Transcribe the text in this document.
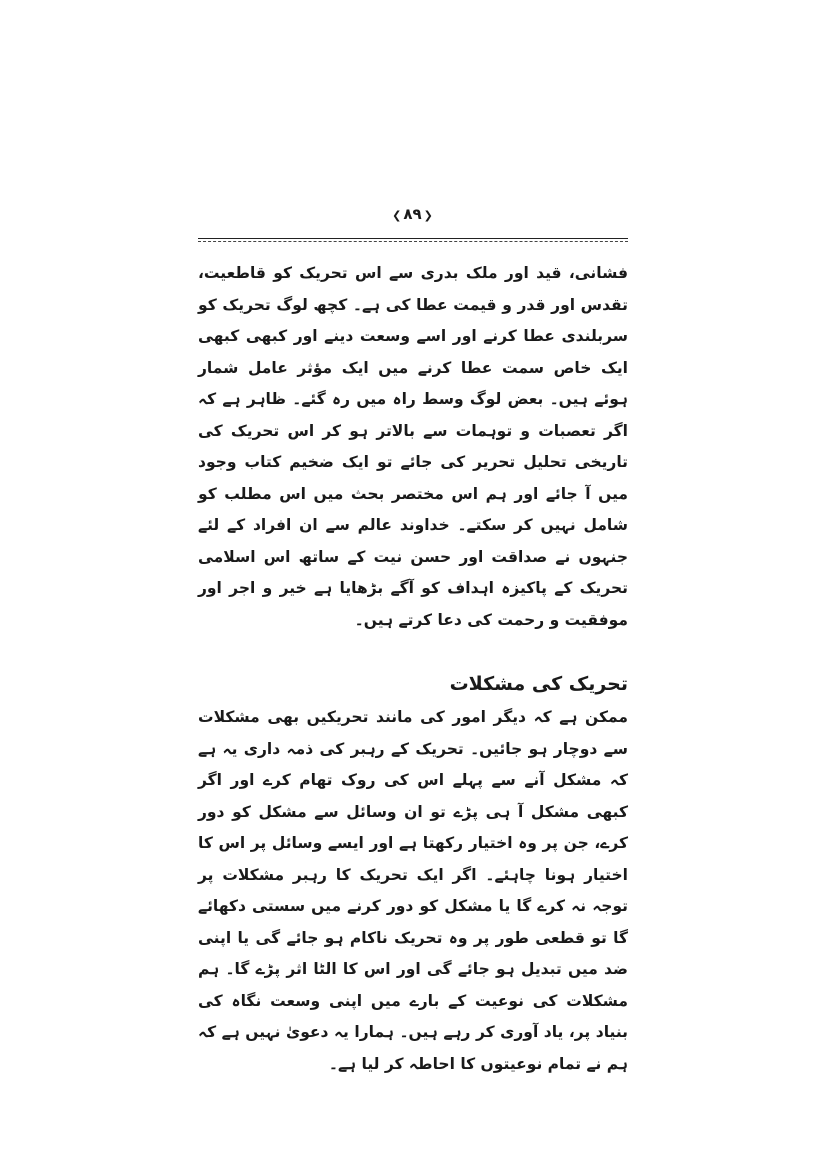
❮۸۹❯

فشانی، قید اور ملک بدری سے اس تحریک کو قاطعیت، تقدس اور قدر و قیمت عطا کی ہے۔ کچھ لوگ تحریک کو سربلندی عطا کرنے اور اسے وسعت دینے اور کبھی کبھی ایک خاص سمت عطا کرنے میں ایک مؤثر عامل شمار ہوئے ہیں۔ بعض لوگ وسط راہ میں رہ گئے۔ ظاہر ہے کہ اگر تعصبات و توہمات سے بالاتر ہو کر اس تحریک کی تاریخی تحلیل تحریر کی جائے تو ایک ضخیم کتاب وجود میں آ جائے اور ہم اس مختصر بحث میں اس مطلب کو شامل نہیں کر سکتے۔ خداوند عالم سے ان افراد کے لئے جنہوں نے صداقت اور حسن نیت کے ساتھ اس اسلامی تحریک کے پاکیزہ اہداف کو آگے بڑھایا ہے خیر و اجر اور موفقیت و رحمت کی دعا کرتے ہیں۔

تحریک کی مشکلات

ممکن ہے کہ دیگر امور کی مانند تحریکیں بھی مشکلات سے دوچار ہو جائیں۔ تحریک کے رہبر کی ذمہ داری یہ ہے کہ مشکل آنے سے پہلے اس کی روک تھام کرے اور اگر کبھی مشکل آ ہی پڑے تو ان وسائل سے مشکل کو دور کرے، جن پر وہ اختیار رکھتا ہے اور ایسے وسائل پر اس کا اختیار ہونا چاہئے۔ اگر ایک تحریک کا رہبر مشکلات پر توجہ نہ کرے گا یا مشکل کو دور کرنے میں سستی دکھائے گا تو قطعی طور پر وہ تحریک ناکام ہو جائے گی یا اپنی ضد میں تبدیل ہو جائے گی اور اس کا الٹا اثر پڑے گا۔ ہم مشکلات کی نوعیت کے بارے میں اپنی وسعت نگاہ کی بنیاد پر، یاد آوری کر رہے ہیں۔ ہمارا یہ دعویٰ نہیں ہے کہ ہم نے تمام نوعیتوں کا احاطہ کر لیا ہے۔
